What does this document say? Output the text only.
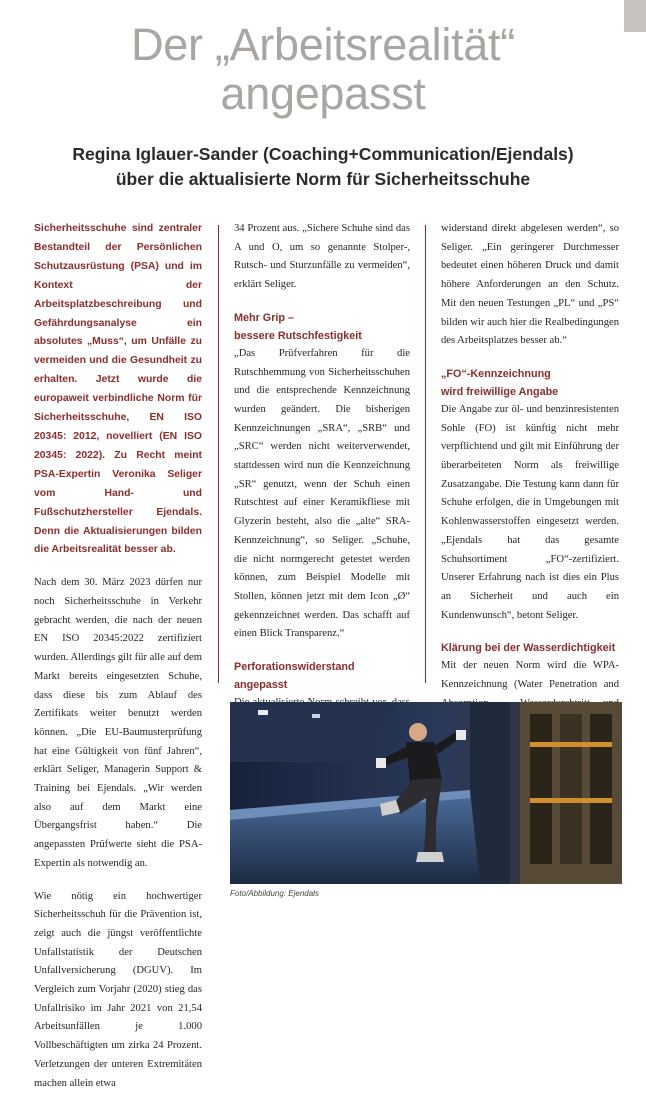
Der „Arbeitsrealität“
angepasst
Regina Iglauer-Sander (Coaching+Communication/Ejendals)
über die aktualisierte Norm für Sicherheitsschuhe

Sicherheitsschuhe sind zentraler Bestandteil der Persönlichen Schutzausrüstung (PSA) und im Kontext der Arbeitsplatzbeschreibung und Gefährdungsanalyse ein absolutes „Muss“, um Unfälle zu vermeiden und die Gesundheit zu erhalten. Jetzt wurde die europaweit verbindliche Norm für Sicherheitsschuhe, EN ISO 20345: 2012, novelliert (EN ISO 20345: 2022). Zu Recht meint PSA-Expertin Veronika Seliger vom Hand- und Fußschutzhersteller Ejendals. Denn die Aktualisierungen bilden die Arbeitsrealität besser ab.

Nach dem 30. März 2023 dürfen nur noch Sicherheitsschuhe in Verkehr gebracht werden, die nach der neuen EN ISO 20345:2022 zertifiziert wurden. Allerdings gilt für alle auf dem Markt bereits eingesetzten Schuhe, dass diese bis zum Ablauf des Zertifikats weiter benutzt werden können. „Die EU-Baumusterprüfung hat eine Gültigkeit von fünf Jahren“, erklärt Seliger, Managerin Support & Training bei Ejendals. „Wir werden also auf dem Markt eine Übergangsfrist haben.“ Die angepassten Prüfwerte sieht die PSA-Expertin als notwendig an.

Wie nötig ein hochwertiger Sicherheitsschuh für die Prävention ist, zeigt auch die jüngst veröffentlichte Unfallstatistik der Deutschen Unfallversicherung (DGUV). Im Vergleich zum Vorjahr (2020) stieg das Unfallrisiko im Jahr 2021 von 21,54 Arbeitsunfällen je 1.000 Vollbeschäftigten um zirka 24 Prozent. Verletzungen der unteren Extremitäten machen allein etwa

34 Prozent aus. „Sichere Schuhe sind das A und O, um so genannte Stolper-, Rutsch- und Sturzunfälle zu vermeiden“, erklärt Seliger.

Mehr Grip –
bessere Rutschfestigkeit

„Das Prüfverfahren für die Rutschhemmung von Sicherheitsschuhen und die entsprechende Kennzeichnung wurden geändert. Die bisherigen Kennzeichnungen „SRA“, „SRB“ und „SRC“ werden nicht weiterverwendet, stattdessen wird nun die Kennzeichnung „SR“ genutzt, wenn der Schuh einen Rutschtest auf einer Keramikfliese mit Glyzerin besteht, also die „alte“ SRA-Kennzeichnung“, so Seliger. „Schuhe, die nicht normgerecht getestet werden können, zum Beispiel Modelle mit Stollen, können jetzt mit dem Icon „Ø“ gekennzeichnet werden. Das schafft auf einen Blick Transparenz.“

Perforationswiderstand angepasst

widerstand direkt abgelesen werden“, so Seliger. „Ein geringerer Durchmesser bedeutet einen höheren Druck und damit höhere Anforderungen an den Schutz. Mit den neuen Testungen „PL“ und „PS“ bilden wir auch hier die Realbedingungen des Arbeitsplatzes besser ab.“

„FO“-Kennzeichnung
wird freiwillige Angabe

Die Angabe zur öl- und benzinresistenten Sohle (FO) ist künftig nicht mehr verpflichtend und gilt mit Einführung der überarbeiteten Norm als freiwillige Zusatzangabe. Die Testung kann dann für Schuhe erfolgen, die in Umgebungen mit Kohlenwasserstoffen eingesetzt werden. „Ejendals hat das gesamte Schuhsortiment „FO“-zertifiziert. Unserer Erfahrung nach ist dies ein Plus an Sicherheit und auch ein Kundenwunsch“, betont Seliger.

Klärung bei der Wasserdichtigkeit

Mit der neuen Norm wird die WPA-Kennzeichnung (Water Penetration and

Foto/Abbildung: Ejendals
